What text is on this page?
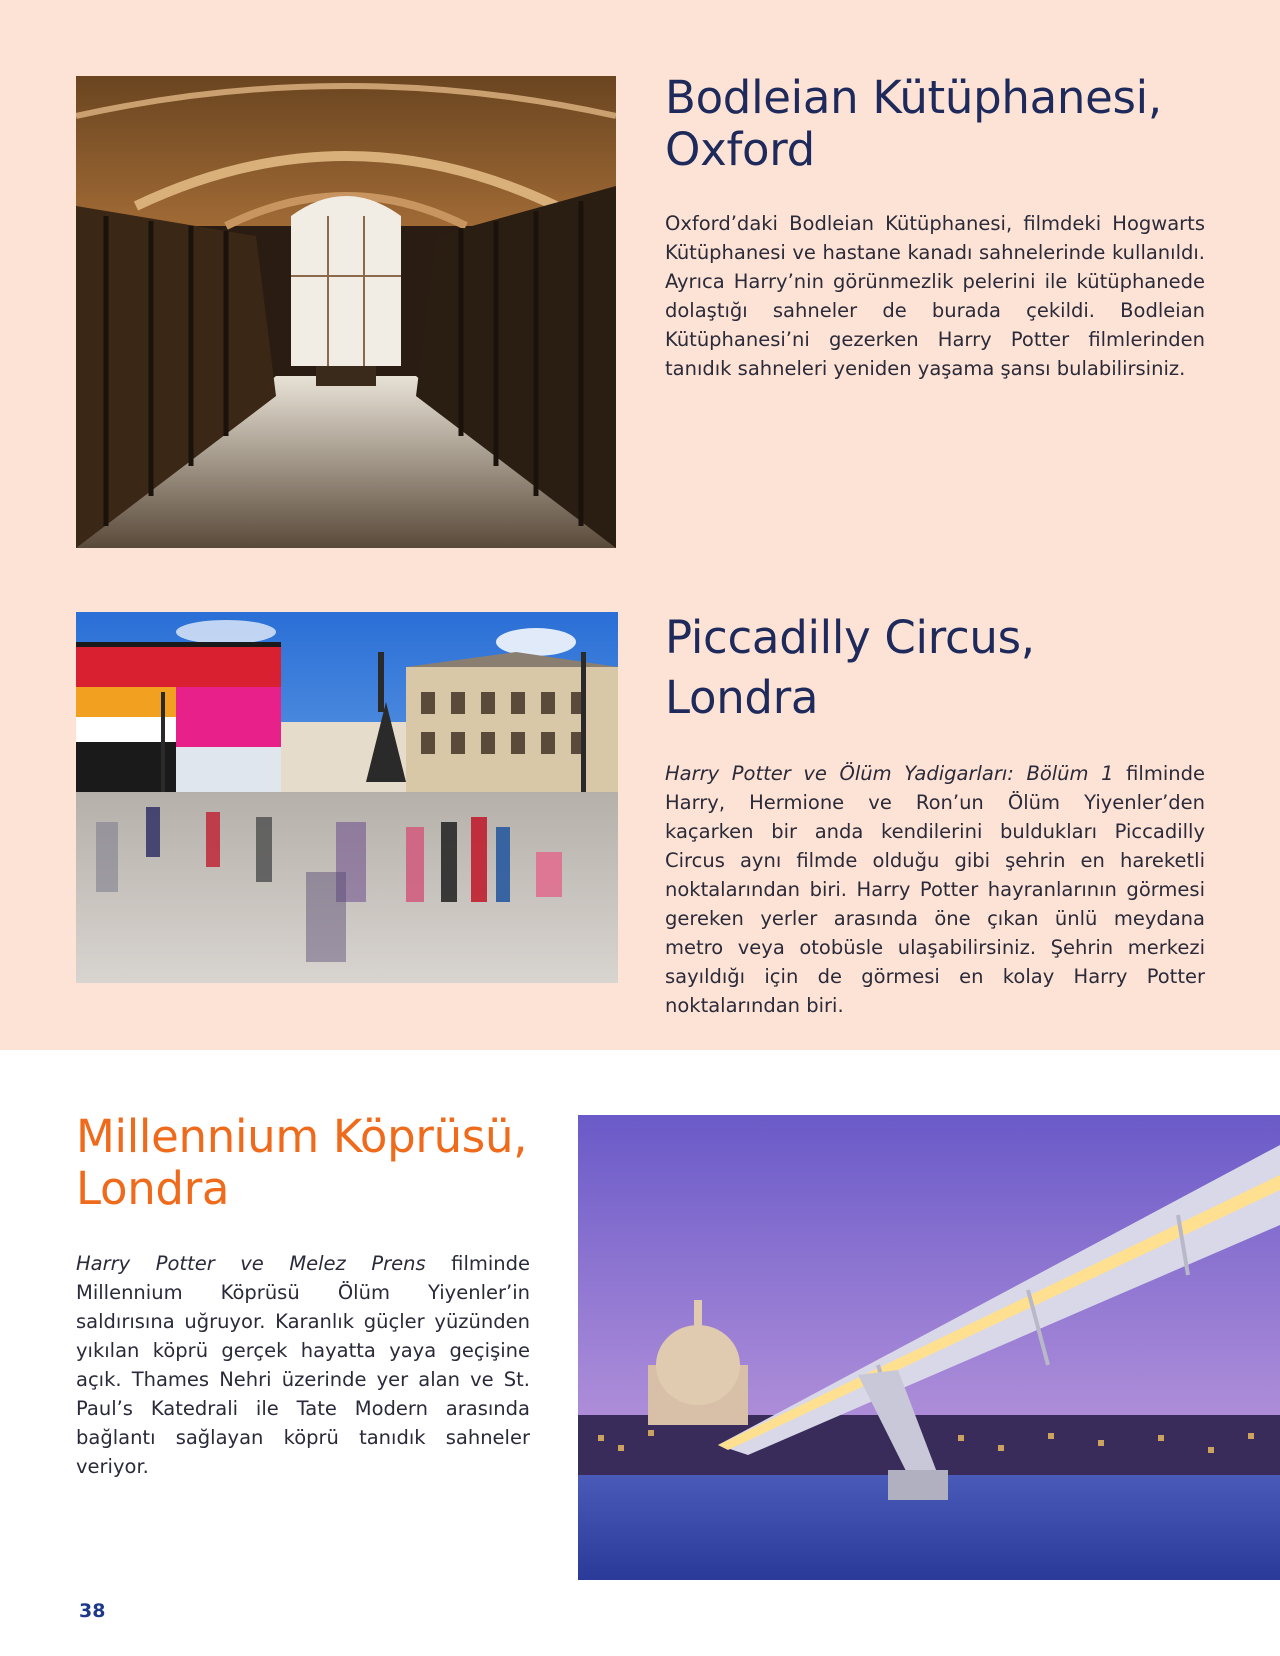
Bodleian Kütüphanesi,
Oxford

Oxford’daki Bodleian Kütüphanesi, filmdeki Hogwarts Kütüphanesi ve hastane kanadı sahnelerinde kullanıldı. Ayrıca Harry’nin görünmezlik pelerini ile kütüphanede dolaştığı sahneler de burada çekildi. Bodleian Kütüphanesi’ni gezerken Harry Potter filmlerinden tanıdık sahneleri yeniden yaşama şansı bulabilirsiniz.

Piccadilly Circus,
Londra

Harry Potter ve Ölüm Yadigarları: Bölüm 1 filminde Harry, Hermione ve Ron’un Ölüm Yiyenler’den kaçarken bir anda kendilerini buldukları Piccadilly Circus aynı filmde olduğu gibi şehrin en hareketli noktalarından biri. Harry Potter hayranlarının görmesi gereken yerler arasında öne çıkan ünlü meydana metro veya otobüsle ulaşabilirsiniz. Şehrin merkezi sayıldığı için de görmesi en kolay Harry Potter noktalarından biri.

Millennium Köprüsü,
Londra

Harry Potter ve Melez Prens filminde Millennium Köprüsü Ölüm Yiyenler’in saldırısına uğruyor. Karanlık güçler yüzünden yıkılan köprü gerçek hayatta yaya geçişine açık. Thames Nehri üzerinde yer alan ve St. Paul’s Katedrali ile Tate Modern arasında bağlantı sağlayan köprü tanıdık sahneler veriyor.

38
